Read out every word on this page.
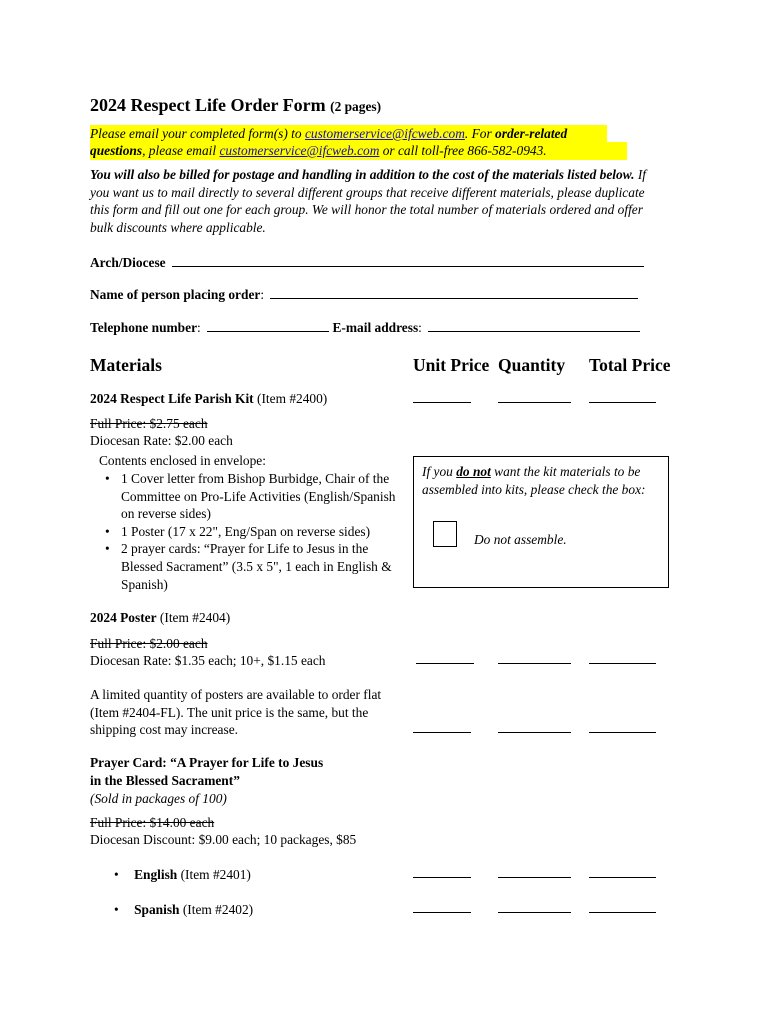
2024 Respect Life Order Form (2 pages)
Please email your completed form(s) to customerservice@ifcweb.com. For order-related
questions, please email customerservice@ifcweb.com or call toll-free 866-582-0943.
You will also be billed for postage and handling in addition to the cost of the materials listed below. If you want us to mail directly to several different groups that receive different materials, please duplicate this form and fill out one for each group. We will honor the total number of materials ordered and offer bulk discounts where applicable.
Arch/Diocese
Name of person placing order:
Telephone number:	E-mail address:
Materials	Unit Price Quantity Total Price
2024 Respect Life Parish Kit (Item #2400)
Full Price: $2.75 each
Diocesan Rate: $2.00 each
Contents enclosed in envelope:
• 1 Cover letter from Bishop Burbidge, Chair of the Committee on Pro-Life Activities (English/Spanish on reverse sides)
• 1 Poster (17 x 22", Eng/Span on reverse sides)
• 2 prayer cards: “Prayer for Life to Jesus in the Blessed Sacrament” (3.5 x 5", 1 each in English & Spanish)
If you do not want the kit materials to be assembled into kits, please check the box:
Do not assemble.
2024 Poster (Item #2404)
Full Price: $2.00 each
Diocesan Rate: $1.35 each; 10+, $1.15 each
A limited quantity of posters are available to order flat (Item #2404-FL). The unit price is the same, but the shipping cost may increase.
Prayer Card: “A Prayer for Life to Jesus
in the Blessed Sacrament”
(Sold in packages of 100)
Full Price: $14.00 each
Diocesan Discount: $9.00 each; 10 packages, $85
• English (Item #2401)
• Spanish (Item #2402)
